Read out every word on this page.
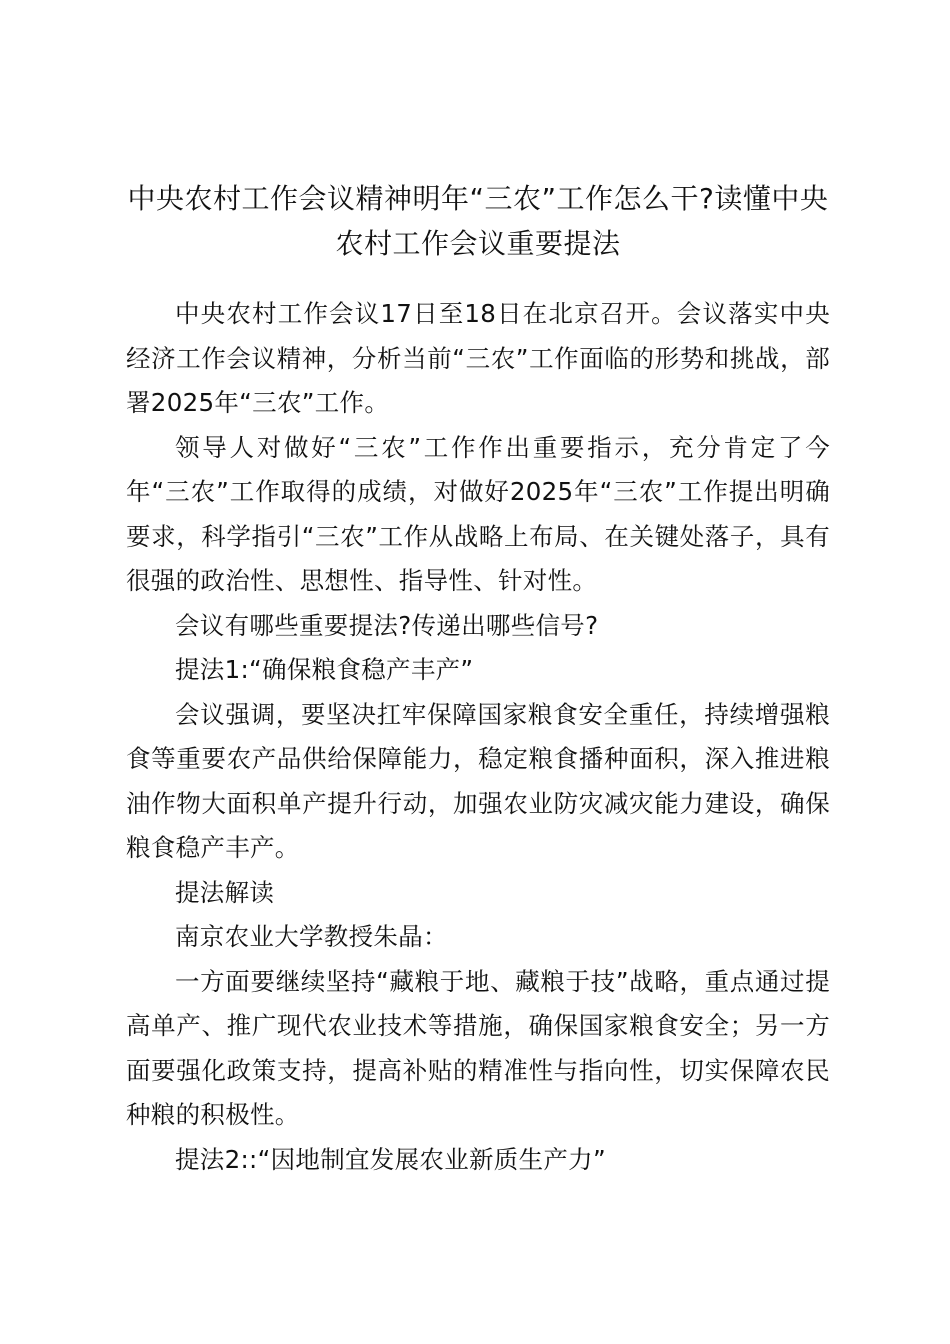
中央农村工作会议精神明年“三农”工作怎么干?读懂中央农村工作会议重要提法

中央农村工作会议17日至18日在北京召开。会议落实中央经济工作会议精神，分析当前“三农”工作面临的形势和挑战，部署2025年“三农”工作。

领导人对做好“三农”工作作出重要指示，充分肯定了今年“三农”工作取得的成绩，对做好2025年“三农”工作提出明确要求，科学指引“三农”工作从战略上布局、在关键处落子，具有很强的政治性、思想性、指导性、针对性。

会议有哪些重要提法?传递出哪些信号?

提法1:“确保粮食稳产丰产”

会议强调，要坚决扛牢保障国家粮食安全重任，持续增强粮食等重要农产品供给保障能力，稳定粮食播种面积，深入推进粮油作物大面积单产提升行动，加强农业防灾减灾能力建设，确保粮食稳产丰产。

提法解读

南京农业大学教授朱晶：

一方面要继续坚持“藏粮于地、藏粮于技”战略，重点通过提高单产、推广现代农业技术等措施，确保国家粮食安全；另一方面要强化政策支持，提高补贴的精准性与指向性，切实保障农民种粮的积极性。

提法2::“因地制宜发展农业新质生产力”
